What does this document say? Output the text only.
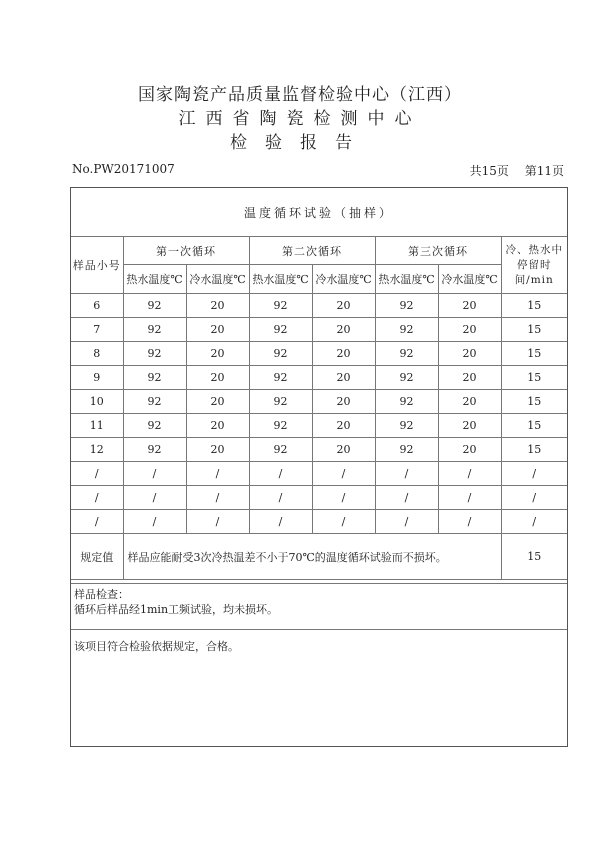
国家陶瓷产品质量监督检验中心（江西）
江西省陶瓷检测中心
检验报告
No.PW20171007	共15页 第11页
温度循环试验（抽样）							
样品小号	第一次循环		第二次循环		第三次循环		冷、热水中停留时间/min
	热水温度℃	冷水温度℃	热水温度℃	冷水温度℃	热水温度℃	冷水温度℃	
6	92	20	92	20	92	20	15
7	92	20	92	20	92	20	15
8	92	20	92	20	92	20	15
9	92	20	92	20	92	20	15
10	92	20	92	20	92	20	15
11	92	20	92	20	92	20	15
12	92	20	92	20	92	20	15
/	/	/	/	/	/	/	/
/	/	/	/	/	/	/	/
/	/	/	/	/	/	/	/
规定值	样品应能耐受3次冷热温差不小于70℃的温度循环试验而不损坏。						15
样品检查：
循环后样品经1min工频试验，均未损坏。
该项目符合检验依据规定，合格。
